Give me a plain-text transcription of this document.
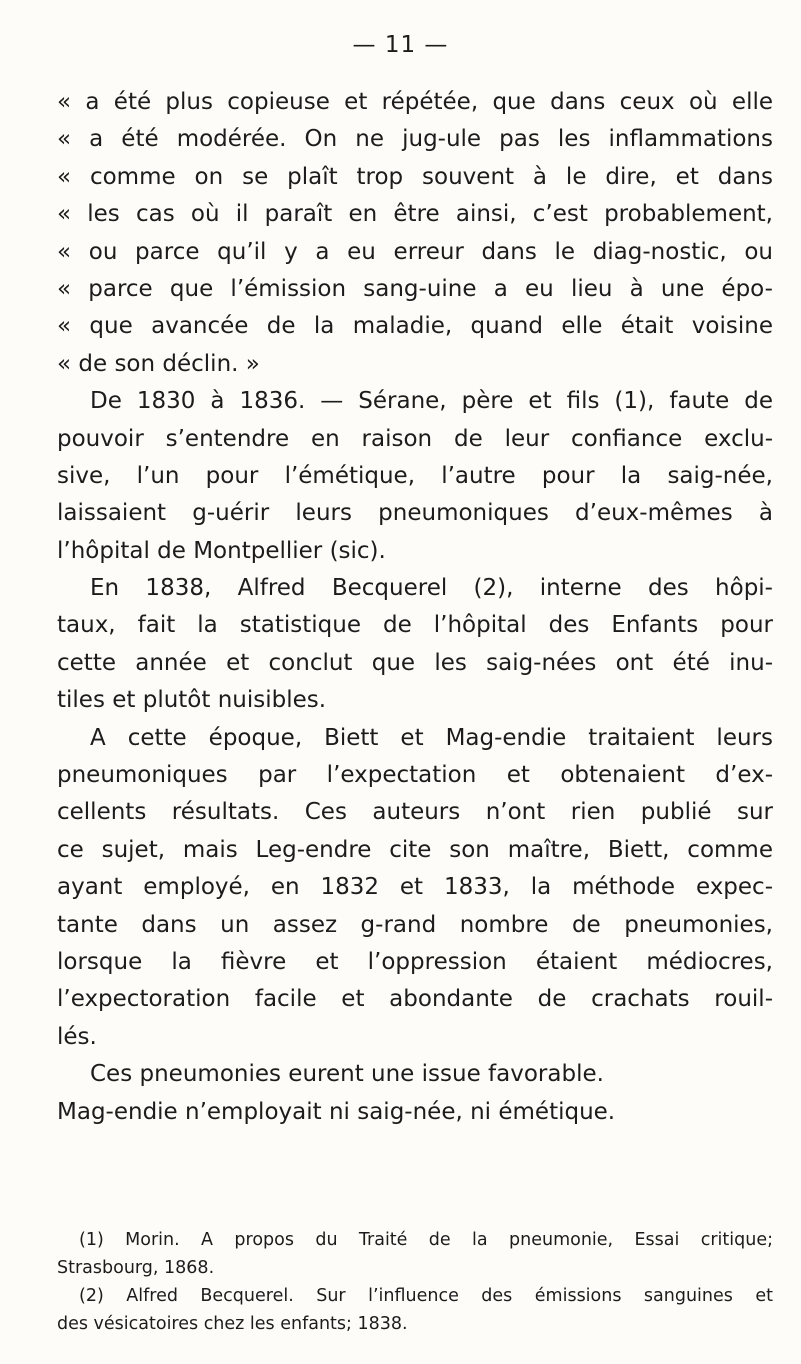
— 11 —
« a été plus copieuse et répétée, que dans ceux où elle
« a été modérée. On ne jug‑ule pas les inflammations
« comme on se plaît trop souvent à le dire, et dans
« les cas où il paraît en être ainsi, c’est probablement,
« ou parce qu’il y a eu erreur dans le diag‑nostic, ou
« parce que l’émission sang‑uine a eu lieu à une épo-
« que avancée de la maladie, quand elle était voisine
« de son déclin. »
De 1830 à 1836. — Sérane, père et fils (1), faute de
pouvoir s’entendre en raison de leur confiance exclu-
sive, l’un pour l’émétique, l’autre pour la saig‑née,
laissaient g‑uérir leurs pneumoniques d’eux-mêmes à
l’hôpital de Montpellier (sic).
En 1838, Alfred Becquerel (2), interne des hôpi-
taux, fait la statistique de l’hôpital des Enfants pour
cette année et conclut que les saig‑nées ont été inu-
tiles et plutôt nuisibles.
A cette époque, Biett et Mag‑endie traitaient leurs
pneumoniques par l’expectation et obtenaient d’ex-
cellents résultats. Ces auteurs n’ont rien publié sur
ce sujet, mais Leg‑endre cite son maître, Biett, comme
ayant employé, en 1832 et 1833, la méthode expec-
tante dans un assez g‑rand nombre de pneumonies,
lorsque la fièvre et l’oppression étaient médiocres,
l’expectoration facile et abondante de crachats rouil-
lés.
Ces pneumonies eurent une issue favorable.
Mag‑endie n’employait ni saig‑née, ni émétique.
(1) Morin. A propos du Traité de la pneumonie, Essai critique;
Strasbourg, 1868.
(2) Alfred Becquerel. Sur l’influence des émissions sanguines et
des vésicatoires chez les enfants; 1838.
